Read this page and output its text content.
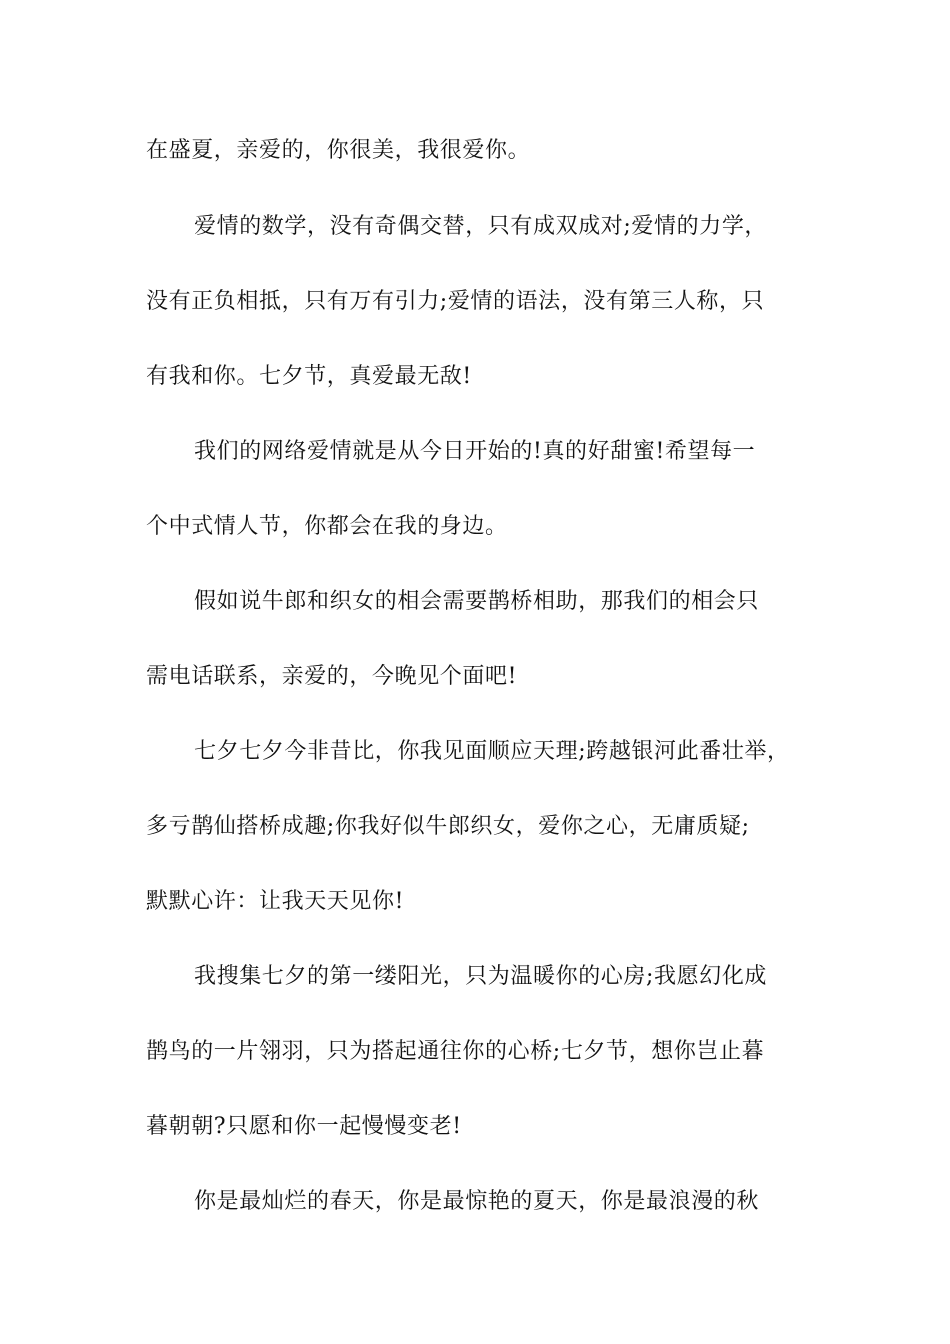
在盛夏，亲爱的，你很美，我很爱你。
爱情的数学，没有奇偶交替，只有成双成对;爱情的力学，
没有正负相抵，只有万有引力;爱情的语法，没有第三人称，只
有我和你。七夕节，真爱最无敌!
我们的网络爱情就是从今日开始的!真的好甜蜜!希望每一
个中式情人节，你都会在我的身边。
假如说牛郎和织女的相会需要鹊桥相助，那我们的相会只
需电话联系，亲爱的，今晚见个面吧!
七夕七夕今非昔比，你我见面顺应天理;跨越银河此番壮举，
多亏鹊仙搭桥成趣;你我好似牛郎织女，爱你之心，无庸质疑;
默默心许：让我天天见你!
我搜集七夕的第一缕阳光，只为温暖你的心房;我愿幻化成
鹊鸟的一片翎羽，只为搭起通往你的心桥;七夕节，想你岂止暮
暮朝朝?只愿和你一起慢慢变老!
你是最灿烂的春天，你是最惊艳的夏天，你是最浪漫的秋
